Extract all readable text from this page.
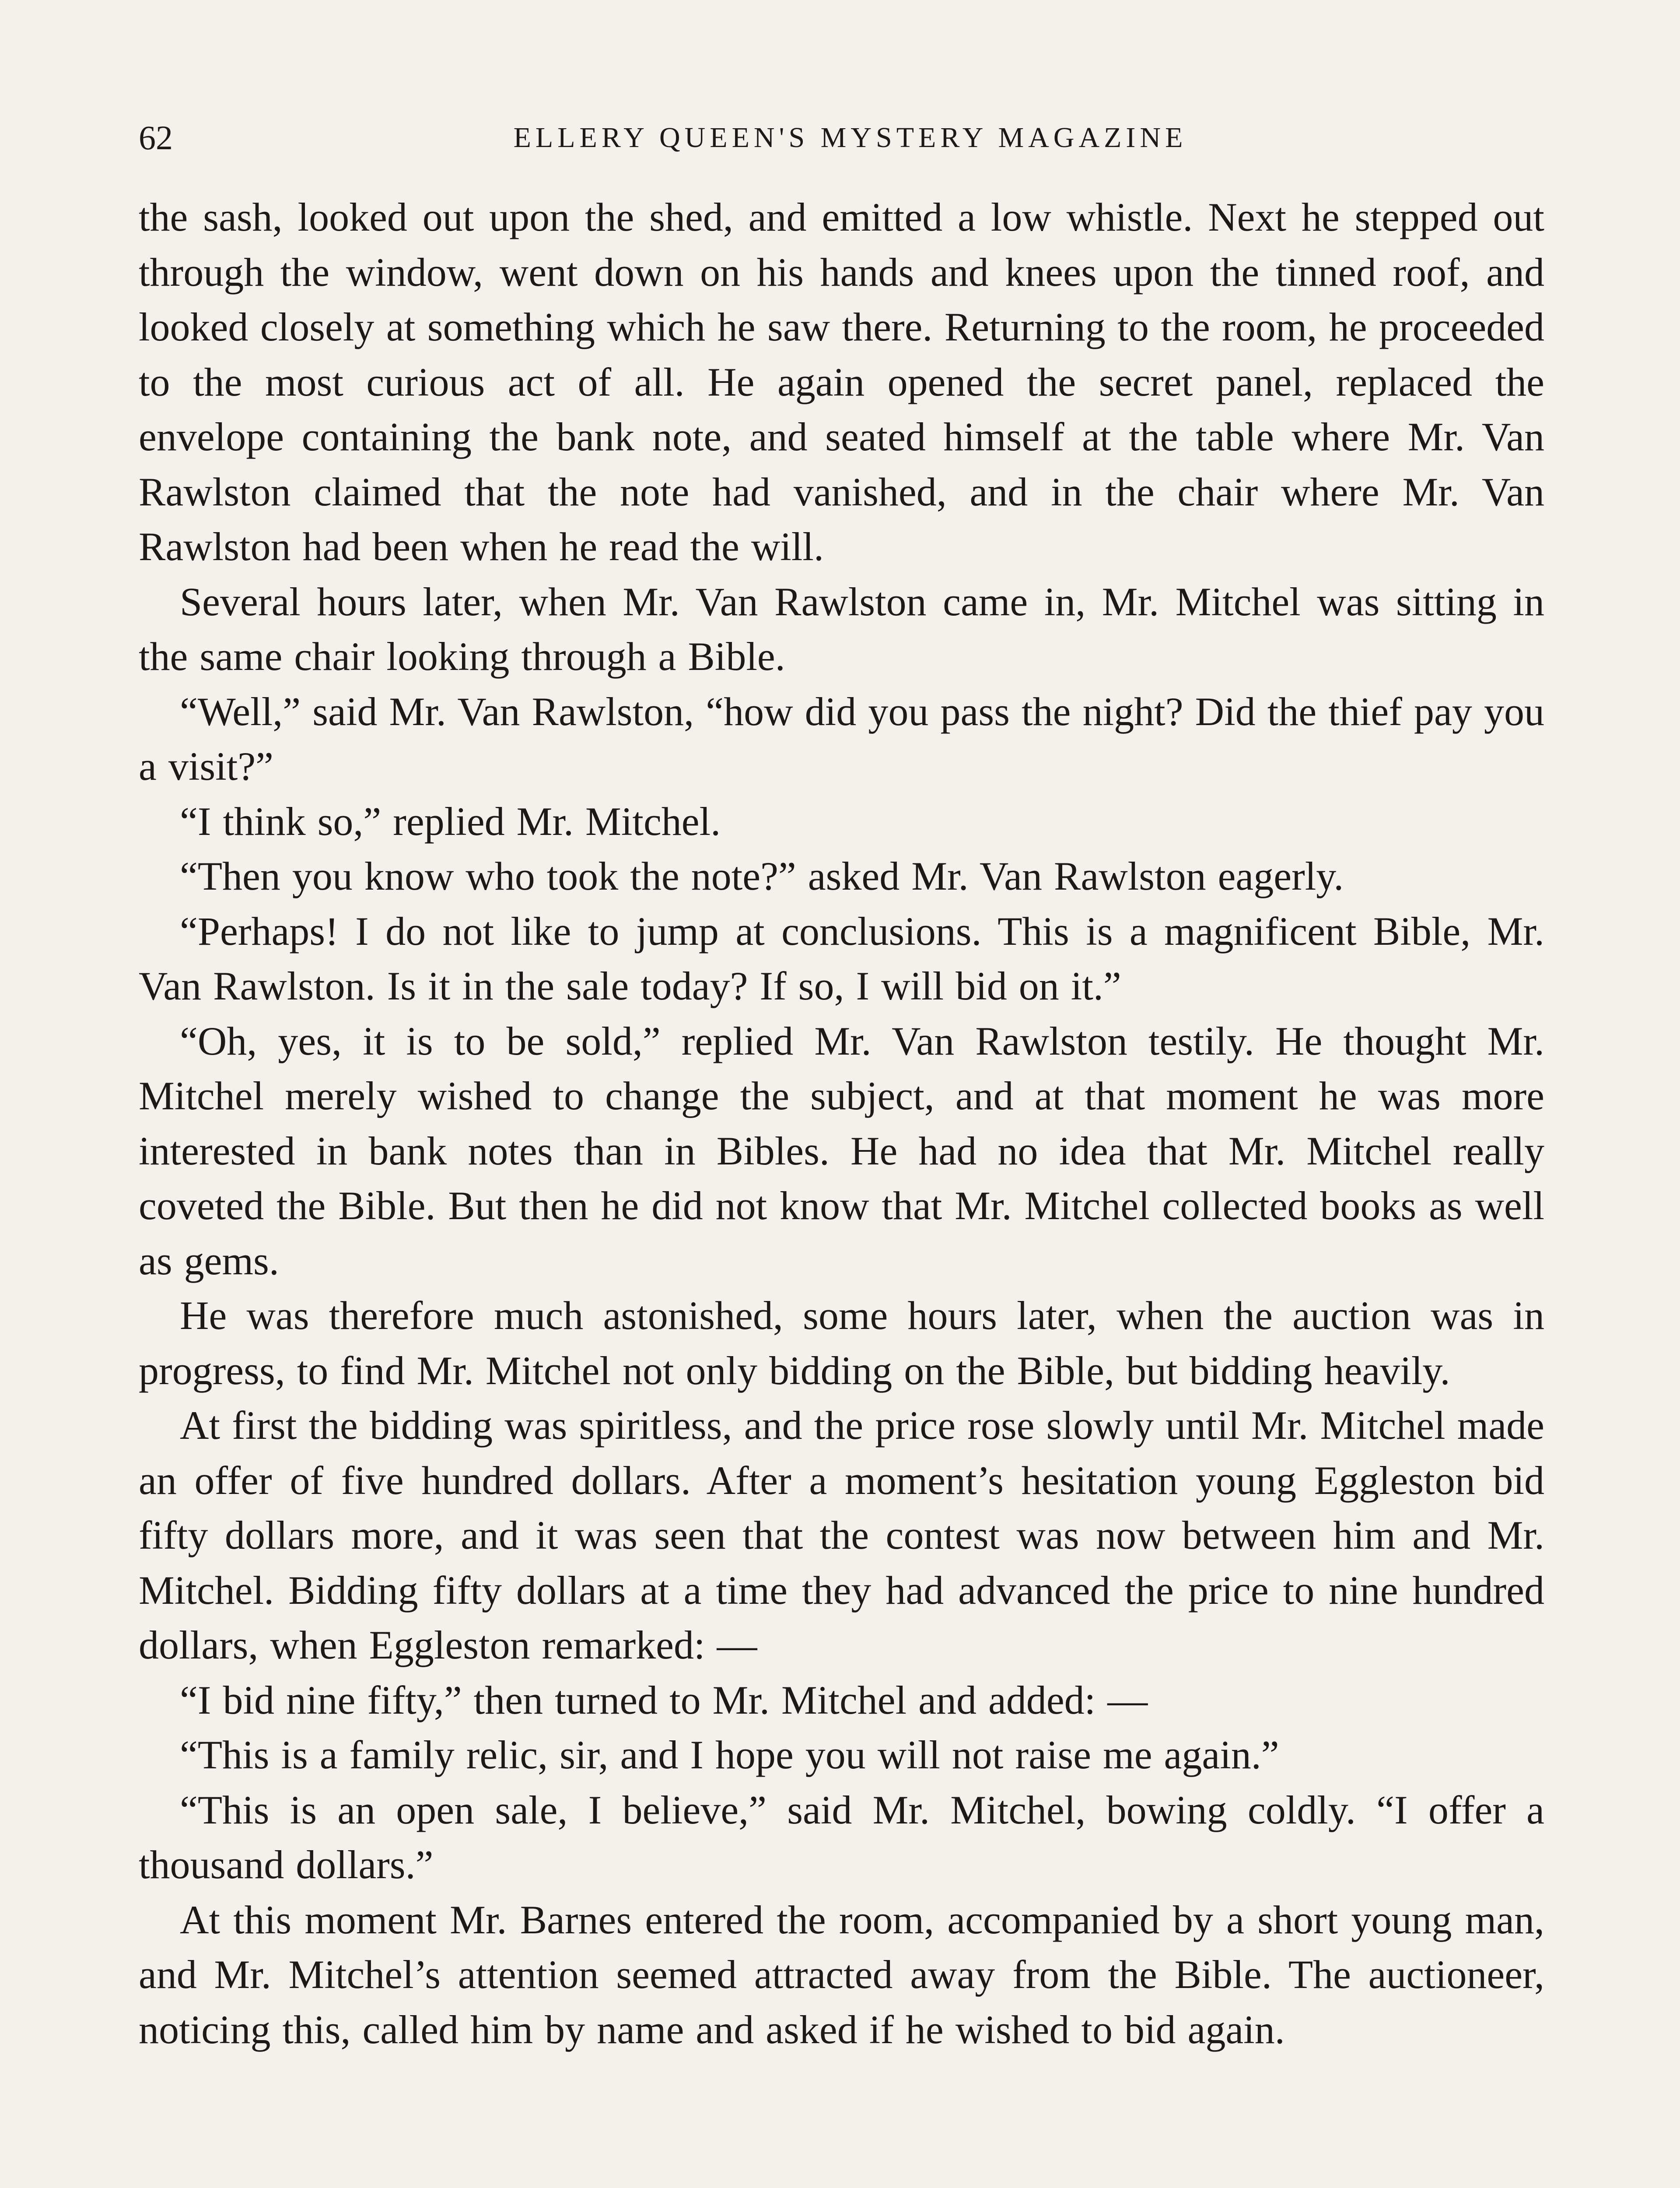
62	ELLERY QUEEN'S MYSTERY MAGAZINE

the sash, looked out upon the shed, and emitted a low whistle. Next he stepped out through the window, went down on his hands and knees upon the tinned roof, and looked closely at something which he saw there. Returning to the room, he proceeded to the most curious act of all. He again opened the secret panel, replaced the envelope containing the bank note, and seated himself at the table where Mr. Van Rawlston claimed that the note had vanished, and in the chair where Mr. Van Rawlston had been when he read the will.

Several hours later, when Mr. Van Rawlston came in, Mr. Mitchel was sitting in the same chair looking through a Bible.

“Well,” said Mr. Van Rawlston, “how did you pass the night? Did the thief pay you a visit?”

“I think so,” replied Mr. Mitchel.

“Then you know who took the note?” asked Mr. Van Rawlston eagerly.

“Perhaps! I do not like to jump at conclusions. This is a magnificent Bible, Mr. Van Rawlston. Is it in the sale today? If so, I will bid on it.”

“Oh, yes, it is to be sold,” replied Mr. Van Rawlston testily. He thought Mr. Mitchel merely wished to change the subject, and at that moment he was more interested in bank notes than in Bibles. He had no idea that Mr. Mitchel really coveted the Bible. But then he did not know that Mr. Mitchel collected books as well as gems.

He was therefore much astonished, some hours later, when the auction was in progress, to find Mr. Mitchel not only bidding on the Bible, but bidding heavily.

At first the bidding was spiritless, and the price rose slowly until Mr. Mitchel made an offer of five hundred dollars. After a moment’s hesitation young Eggleston bid fifty dollars more, and it was seen that the contest was now between him and Mr. Mitchel. Bidding fifty dollars at a time they had advanced the price to nine hundred dollars, when Eggleston remarked: —

“I bid nine fifty,” then turned to Mr. Mitchel and added: —

“This is a family relic, sir, and I hope you will not raise me again.”

“This is an open sale, I believe,” said Mr. Mitchel, bowing coldly. “I offer a thousand dollars.”

At this moment Mr. Barnes entered the room, accompanied by a short young man, and Mr. Mitchel’s attention seemed attracted away from the Bible. The auctioneer, noticing this, called him by name and asked if he wished to bid again.
